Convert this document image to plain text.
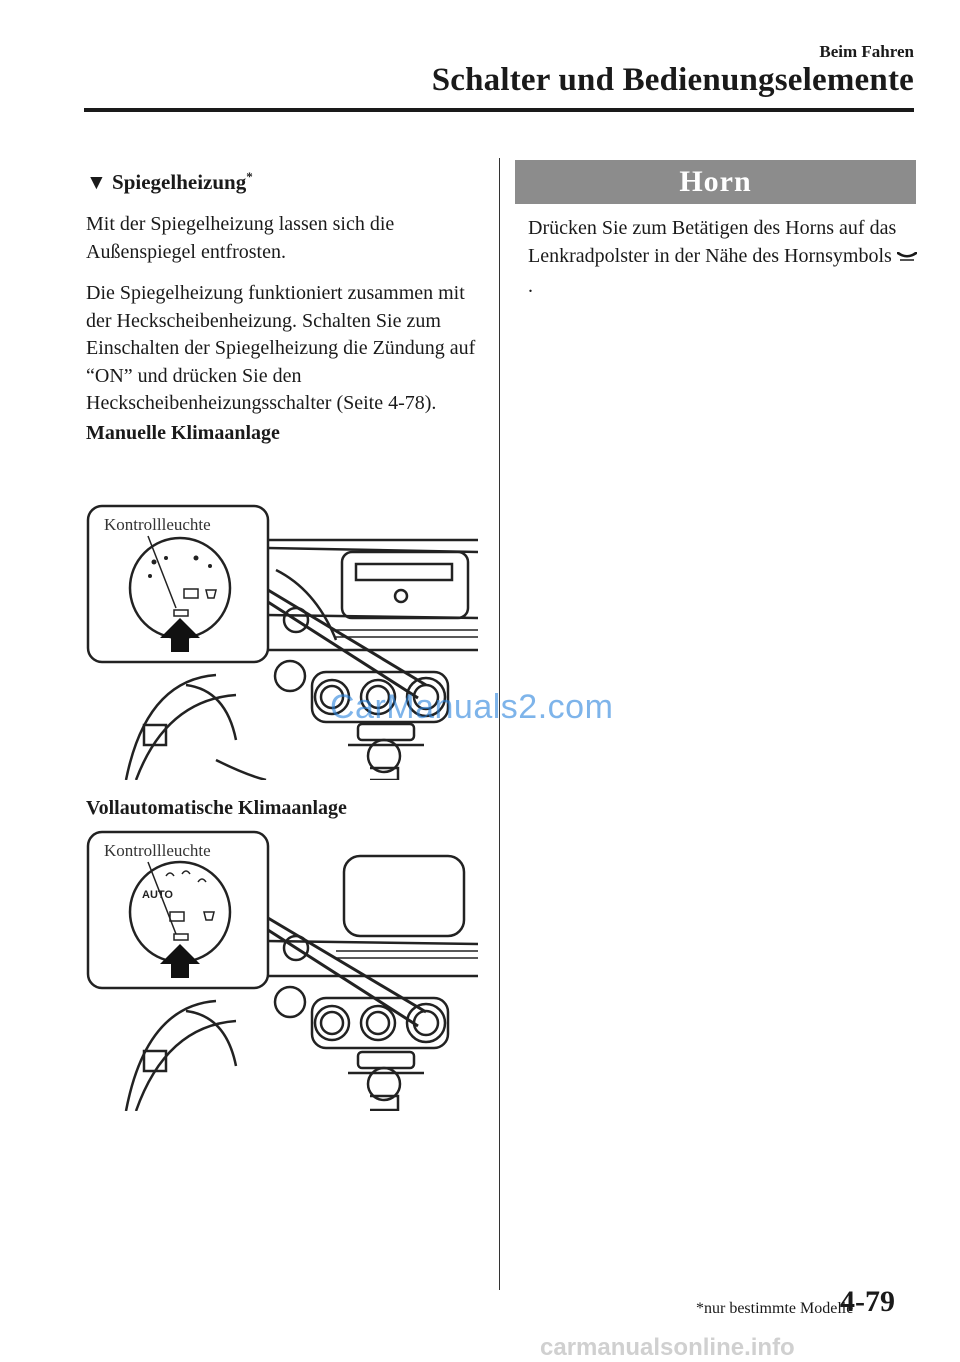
Beim Fahren
Schalter und Bedienungselemente
▼ Spiegelheizung*

Mit der Spiegelheizung lassen sich die Außenspiegel entfrosten.

Die Spiegelheizung funktioniert zusammen mit der Heckscheibenheizung. Schalten Sie zum Einschalten der Spiegelheizung die Zündung auf “ON” und drücken Sie den Heckscheibenheizungsschalter (Seite 4-78).

Manuelle Klimaanlage
Kontrollleuchte
Vollautomatische Klimaanlage
Kontrollleuchte
AUTO
Horn
Drücken Sie zum Betätigen des Horns auf das Lenkradpolster in der Nähe des Hornsymbols.
CarManuals2.com
*nur bestimmte Modelle
4-79
carmanualsonline.info
